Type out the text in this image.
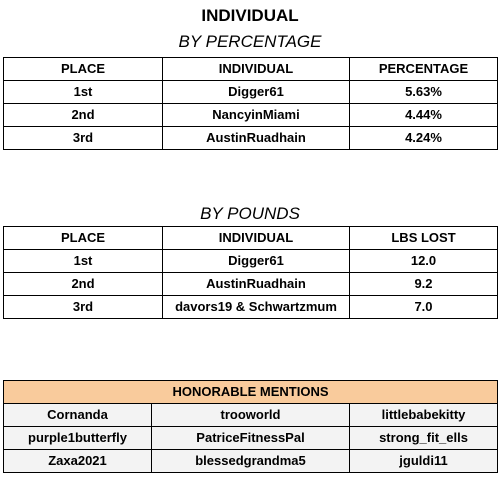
INDIVIDUAL
BY PERCENTAGE
PLACE	INDIVIDUAL	PERCENTAGE
1st	Digger61	5.63%
2nd	NancyinMiami	4.44%
3rd	AustinRuadhain	4.24%
BY POUNDS
PLACE	INDIVIDUAL	LBS LOST
1st	Digger61	12.0
2nd	AustinRuadhain	9.2
3rd	davors19 & Schwartzmum	7.0
HONORABLE MENTIONS		
Cornanda	trooworld	littlebabekitty
purple1butterfly	PatriceFitnessPal	strong_fit_ells
Zaxa2021	blessedgrandma5	jguldi11
